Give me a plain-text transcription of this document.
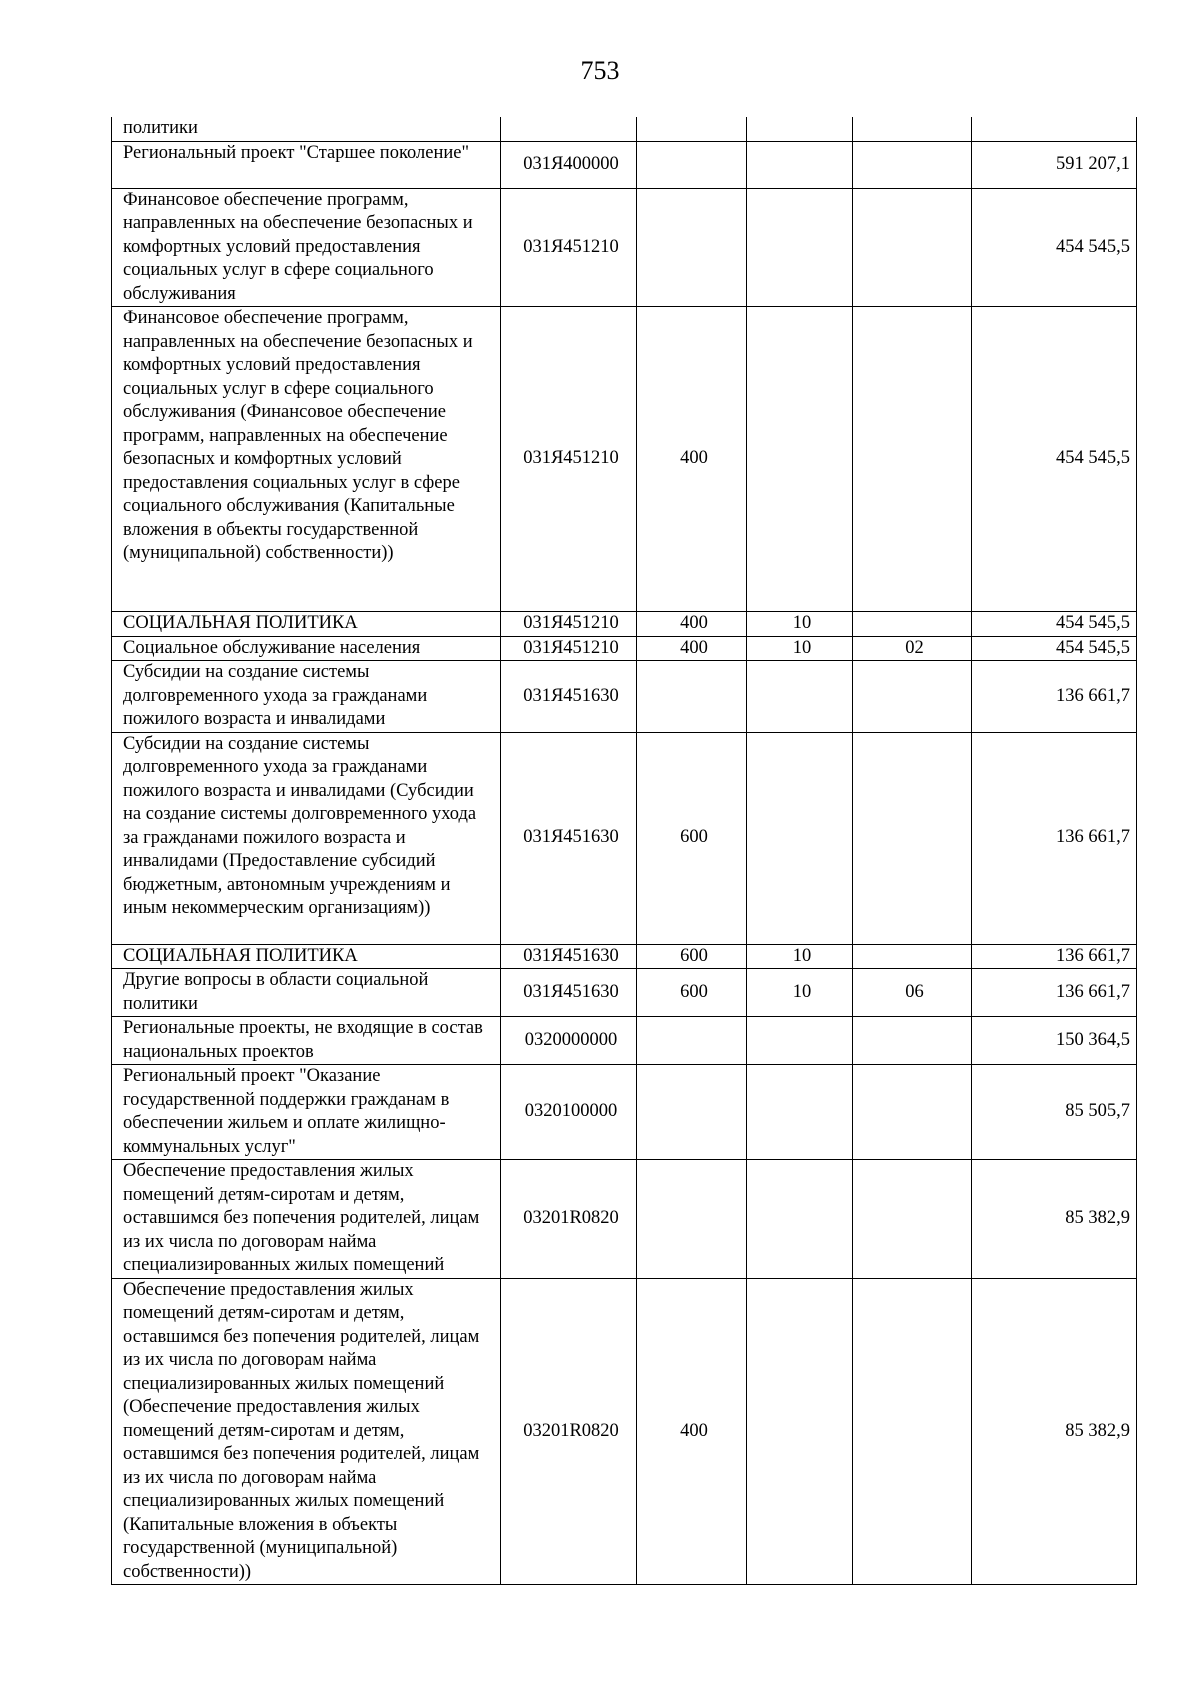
753
политики					
Региональный проект "Старшее поколение"	031Я400000				591 207,1
Финансовое обеспечение программ, направленных на обеспечение безопасных и комфортных условий предоставления социальных услуг в сфере социального обслуживания	031Я451210				454 545,5
Финансовое обеспечение программ, направленных на обеспечение безопасных и комфортных условий предоставления социальных услуг в сфере социального обслуживания (Финансовое обеспечение программ, направленных на обеспечение безопасных и комфортных условий предоставления социальных услуг в сфере социального обслуживания (Капитальные вложения в объекты государственной (муниципальной) собственности))	031Я451210	400			454 545,5
СОЦИАЛЬНАЯ ПОЛИТИКА	031Я451210	400	10		454 545,5
Социальное обслуживание населения	031Я451210	400	10	02	454 545,5
Субсидии на создание системы долговременного ухода за гражданами пожилого возраста и инвалидами	031Я451630				136 661,7
Субсидии на создание системы долговременного ухода за гражданами пожилого возраста и инвалидами (Субсидии на создание системы долговременного ухода за гражданами пожилого возраста и инвалидами (Предоставление субсидий бюджетным, автономным учреждениям и иным некоммерческим организациям))	031Я451630	600			136 661,7
СОЦИАЛЬНАЯ ПОЛИТИКА	031Я451630	600	10		136 661,7
Другие вопросы в области социальной политики	031Я451630	600	10	06	136 661,7
Региональные проекты, не входящие в состав национальных проектов	0320000000				150 364,5
Региональный проект "Оказание государственной поддержки гражданам в обеспечении жильем и оплате жилищно-коммунальных услуг"	0320100000				85 505,7
Обеспечение предоставления жилых помещений детям-сиротам и детям, оставшимся без попечения родителей, лицам из их числа по договорам найма специализированных жилых помещений	03201R0820				85 382,9
Обеспечение предоставления жилых помещений детям-сиротам и детям, оставшимся без попечения родителей, лицам из их числа по договорам найма специализированных жилых помещений (Обеспечение предоставления жилых помещений детям-сиротам и детям, оставшимся без попечения родителей, лицам из их числа по договорам найма специализированных жилых помещений (Капитальные вложения в объекты государственной (муниципальной) собственности))	03201R0820	400			85 382,9
